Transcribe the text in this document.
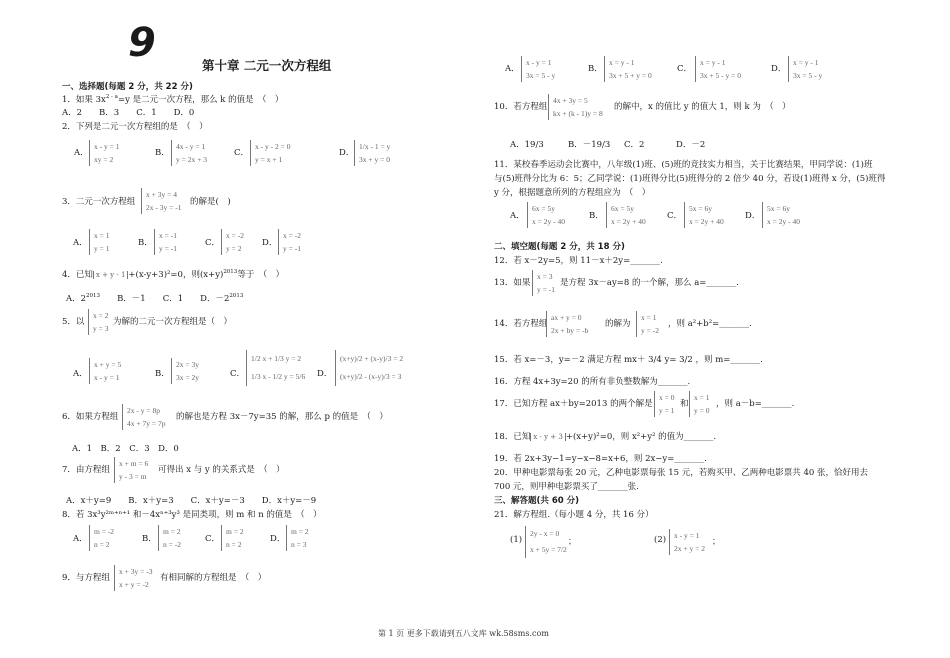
9	第十章 二元一次方程组
一、选择题(每题 2 分，共 22 分)
1．如果 $3x^{2 - a}=y$ 是二元一次方程，那么 k 的值是　（　）
A．2　　B．3　　C．1　　D．0
2．下列是二元一次方程组的是　（　）
A．
x - y = 1
xy = 2
B．
4x - y = 1
y = 2x + 3
C．
x - y - 2 = 0
y = x + 1
D．
1/x - 1 = y
3x + y = 0
3．二元一次方程组
x + 3y = 4
2x - 3y = -1
的解是(　)
A．
x = 1
y = 1
B．
x = -1
y = -1
C．
x = -2
y = 2
D．
x = -2
y = -1
4．已知 x + y - 1 +(x-y+3)²=0，则$(x+y)^{2013}$等于　（　）
A．$2^{2013}$　　 B．－1　　C．1　　D．$-2^{2013}$
5．以
x = 2
y = 3
为解的二元一次方程组是（　）
A．
x + y = 5
x - y = 1	B．
2x = 3y
3x = 2y	C．
1/2 x + 1/3 y = 2
1/3 x - 1/2 y = 5/6 D．
(x+y)/2 + (x-y)/3 = 2
(x+y)/2 - (x-y)/3 = 3
6．如果方程组
2x - y = 8p
4x + 7y = 7p
的解也是方程 3x－7y=35 的解，那么 p 的值是　（　）
A．1　B．2　C．3　D．0
7．由方程组
x + m = 6
y - 3 = m
可得出 x 与 y 的关系式是　（　）
A．x＋y=9　　B．x＋y=3　　C．x＋y=－3　　D．x＋y=－9
8．若 3x³y²ᵐ⁺ⁿ⁺¹ 和－4xⁿ⁺³y³ 是同类项，则 m 和 n 的值是　（　）
A．
m = -2
n = 2
B．
m = 2
n = -2
C．
m = 2
n = 2
D．
m = 2
n = 3
9．与方程组
x + 3y = -3
x + y = -2
有相同解的方程组是　（　）
A．
x - y = 1
3x = 5 - y
B．
x = y - 1
3x + 5 + y = 0
C．
x = y - 1
3x + 5 - y = 0
D．
x = y - 1
3x = 5 - y
10．若方程组
4x + 3y = 5
kx + (k - 1)y = 8
的解中，x 的值比 y 的值大 1，则 k 为　（　）
A．19/3	B．－19/3 C．2	D．－2
11．某校春季运动会比赛中，八年级(1)班、(5)班的竞技实力相当，关于比赛结果，甲同学说：(1)班
与(5)班得分比为 6：5；乙同学说：(1)班得分比(5)班得分的 2 倍少 40 分，若设(1)班得 x 分，(5)班得
y 分，根据题意所列的方程组应为　（　）
A．
6x = 5y
x = 2y - 40
B．
6x = 5y
x = 2y + 40
C．
5x = 6y
x = 2y + 40
D．
5x = 6y
x = 2y - 40
二、填空题(每题 2 分，共 18 分)
12．若 x－2y=5，则 11－x＋2y=_______.
13．如果
x = 3
y = -1
是方程 3x－ay=8 的一个解，那么 a=_______.
14．若方程组
ax + y = 0
2x + by = -b
的解为
x = 1
y = -2
，则 a²+b²=_______.
15．若 x=－3，y=－2 满足方程 mx＋ 3/4 y= 3/2 ，则 m=_______.
16．方程 4x+3y=20 的所有非负整数解为_______.
17．已知方程 ax＋by=2013 的两个解是
x = 0
y = 1
和
x = 1
y = 0
，则 a－b=_______.
18．已知 x - y + 3 +(x+y)²=0，则 x²+y² 的值为_______.
19．若 2x+3y−1=y−x−8=x+6，则 2x−y=_______.
20．甲种电影票每张 20 元，乙种电影票每张 15 元，若购买甲、乙两种电影票共 40 张，恰好用去
700 元，则甲种电影票买了_______张.
三、解答题(共 60 分)
21．解方程组.（每小题 4 分，共 16 分）
(1)
2y - x = 0
x + 5y = 7/2
；	(2) x - y = 1
2x + y = 2
；
第 1 页 更多下载请到五八文库 wk.58sms.com
